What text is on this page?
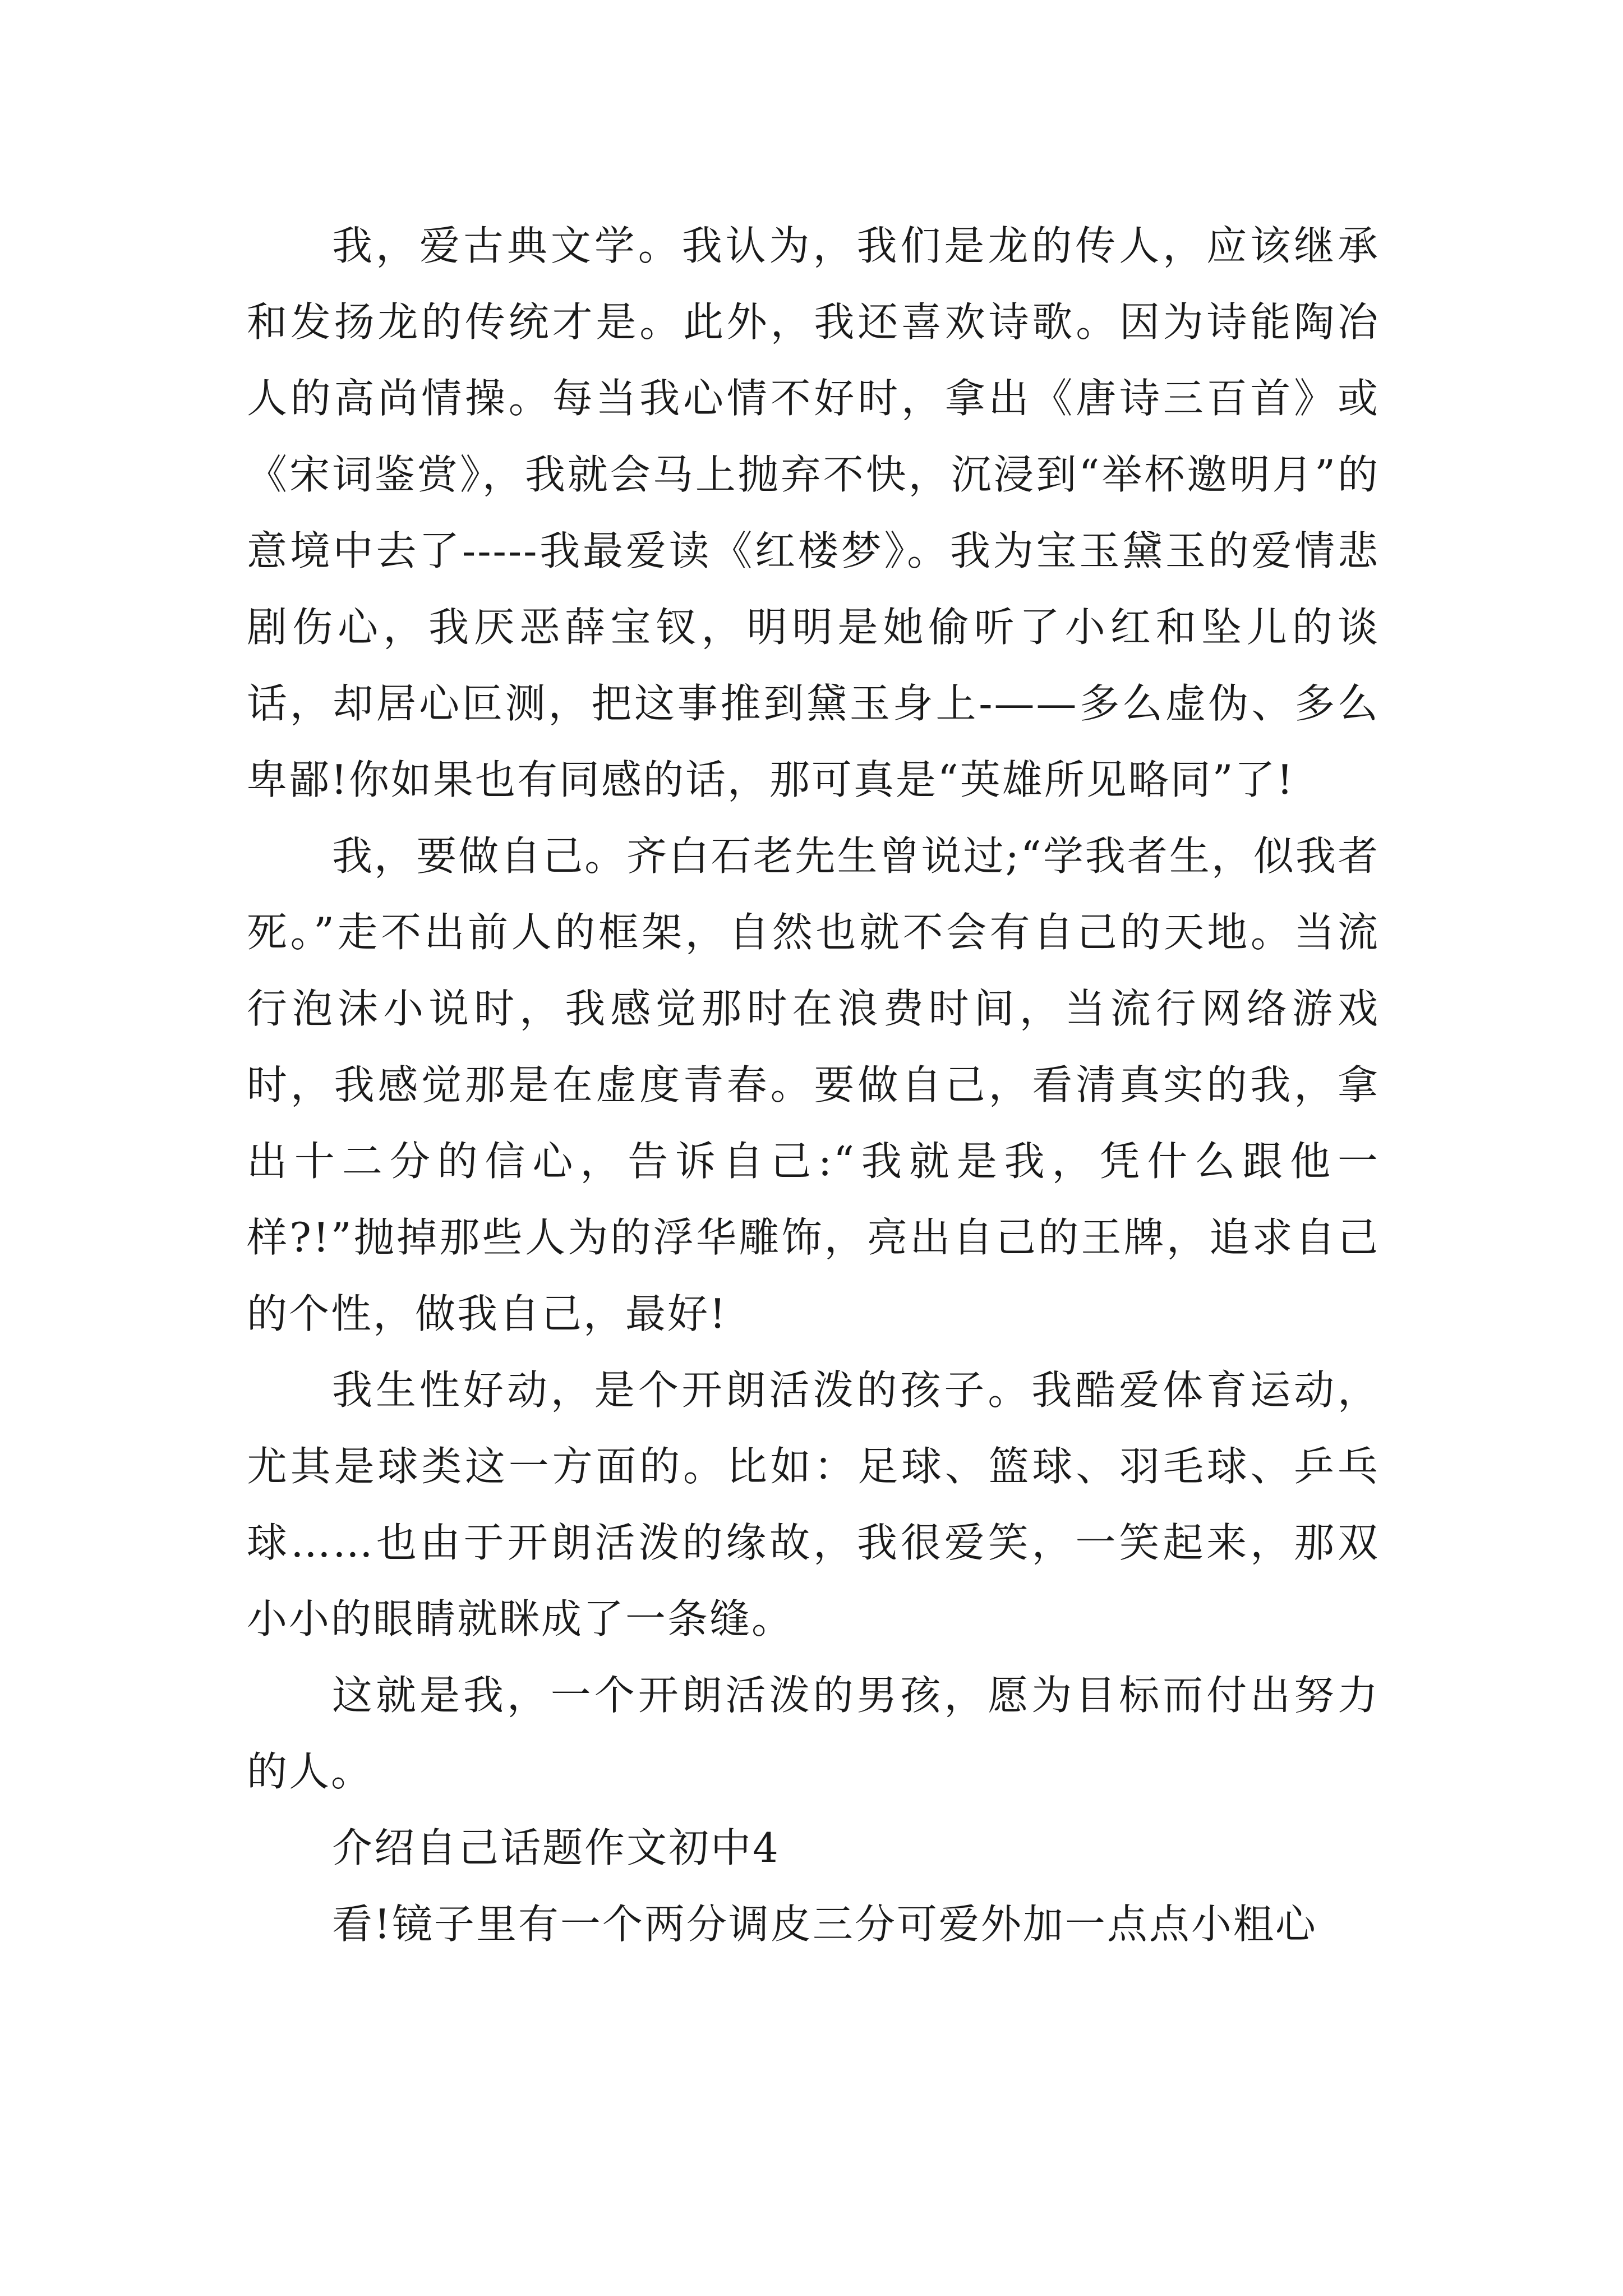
我，爱古典文学。我认为，我们是龙的传人，应该继承和发扬龙的传统才是。此外，我还喜欢诗歌。因为诗能陶冶人的高尚情操。每当我心情不好时，拿出《唐诗三百首》或《宋词鉴赏》，我就会马上抛弃不快，沉浸到“举杯邀明月”的意境中去了-----我最爱读《红楼梦》。我为宝玉黛玉的爱情悲剧伤心，我厌恶薛宝钗，明明是她偷听了小红和坠儿的谈话，却居心叵测，把这事推到黛玉身上-——多么虚伪、多么卑鄙!你如果也有同感的话，那可真是“英雄所见略同”了!

我，要做自己。齐白石老先生曾说过;“学我者生，似我者死。”走不出前人的框架，自然也就不会有自己的天地。当流行泡沫小说时，我感觉那时在浪费时间，当流行网络游戏时，我感觉那是在虚度青春。要做自己，看清真实的我，拿出十二分的信心，告诉自己:“我就是我，凭什么跟他一样?!”抛掉那些人为的浮华雕饰，亮出自己的王牌，追求自己的个性，做我自己，最好!

我生性好动，是个开朗活泼的孩子。我酷爱体育运动，尤其是球类这一方面的。比如：足球、篮球、羽毛球、乒乓球……也由于开朗活泼的缘故，我很爱笑，一笑起来，那双小小的眼睛就眯成了一条缝。

这就是我，一个开朗活泼的男孩，愿为目标而付出努力的人。

介绍自己话题作文初中4

看!镜子里有一个两分调皮三分可爱外加一点点小粗心
